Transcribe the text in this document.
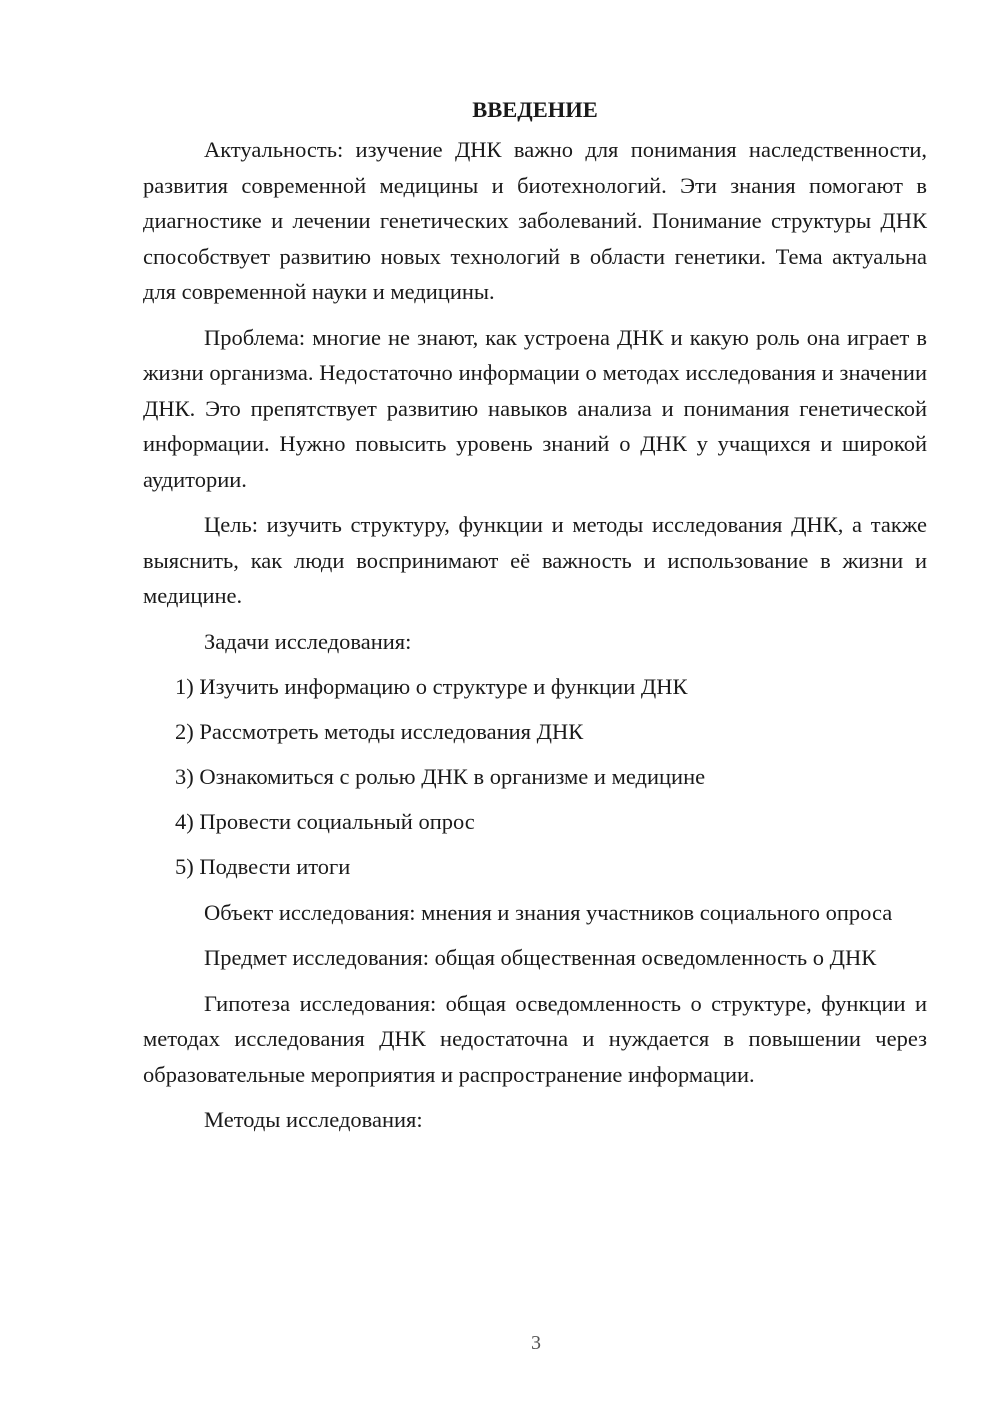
ВВЕДЕНИЕ

Актуальность: изучение ДНК важно для понимания наследственности, развития современной медицины и биотехнологий. Эти знания помогают в диагностике и лечении генетических заболеваний. Понимание структуры ДНК способствует развитию новых технологий в области генетики. Тема актуальна для современной науки и медицины.

Проблема: многие не знают, как устроена ДНК и какую роль она играет в жизни организма. Недостаточно информации о методах исследования и значении ДНК. Это препятствует развитию навыков анализа и понимания генетической информации. Нужно повысить уровень знаний о ДНК у учащихся и широкой аудитории.

Цель: изучить структуру, функции и методы исследования ДНК, а также выяснить, как люди воспринимают её важность и использование в жизни и медицине.

Задачи исследования:

1) Изучить информацию о структуре и функции ДНК
2) Рассмотреть методы исследования ДНК
3) Ознакомиться с ролью ДНК в организме и медицине
4) Провести социальный опрос
5) Подвести итоги

Объект исследования: мнения и знания участников социального опроса

Предмет исследования: общая общественная осведомленность о ДНК

Гипотеза исследования: общая осведомленность о структуре, функции и методах исследования ДНК недостаточна и нуждается в повышении через образовательные мероприятия и распространение информации.

Методы исследования:

3
